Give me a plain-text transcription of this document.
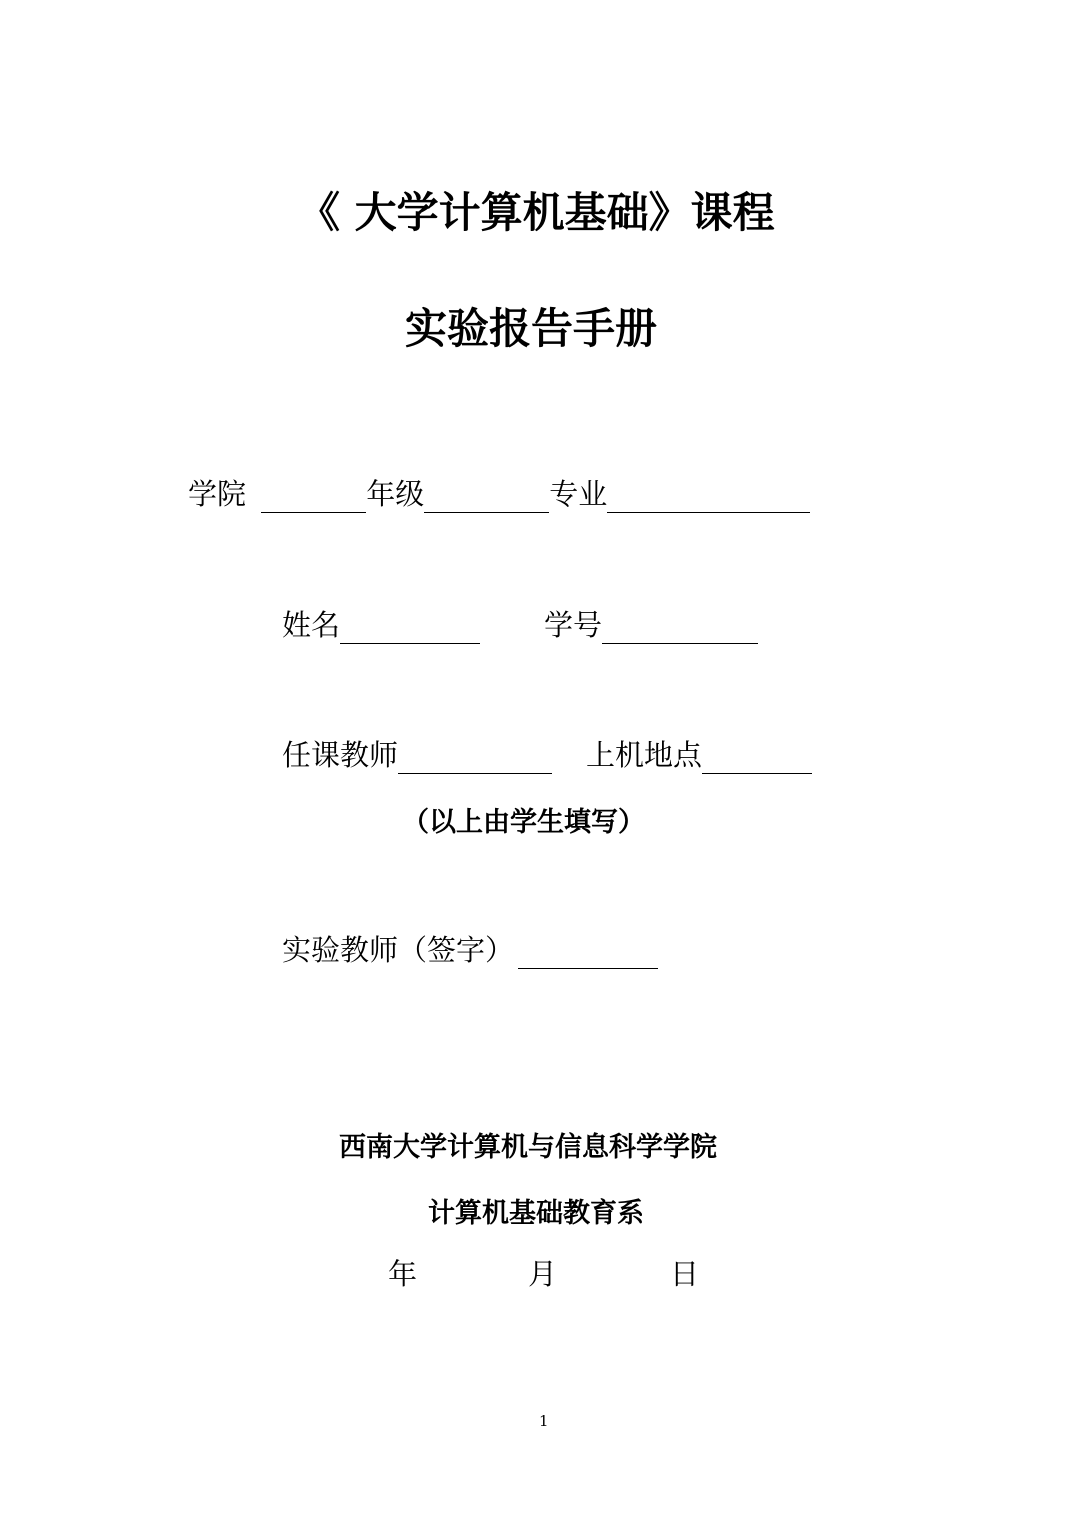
《 大学计算机基础》课程
实验报告手册
学院	年级	专业
姓名	学号
任课教师	上机地点
（以上由学生填写）
实验教师（签字）
西南大学计算机与信息科学学院
计算机基础教育系
年	月	日
1
